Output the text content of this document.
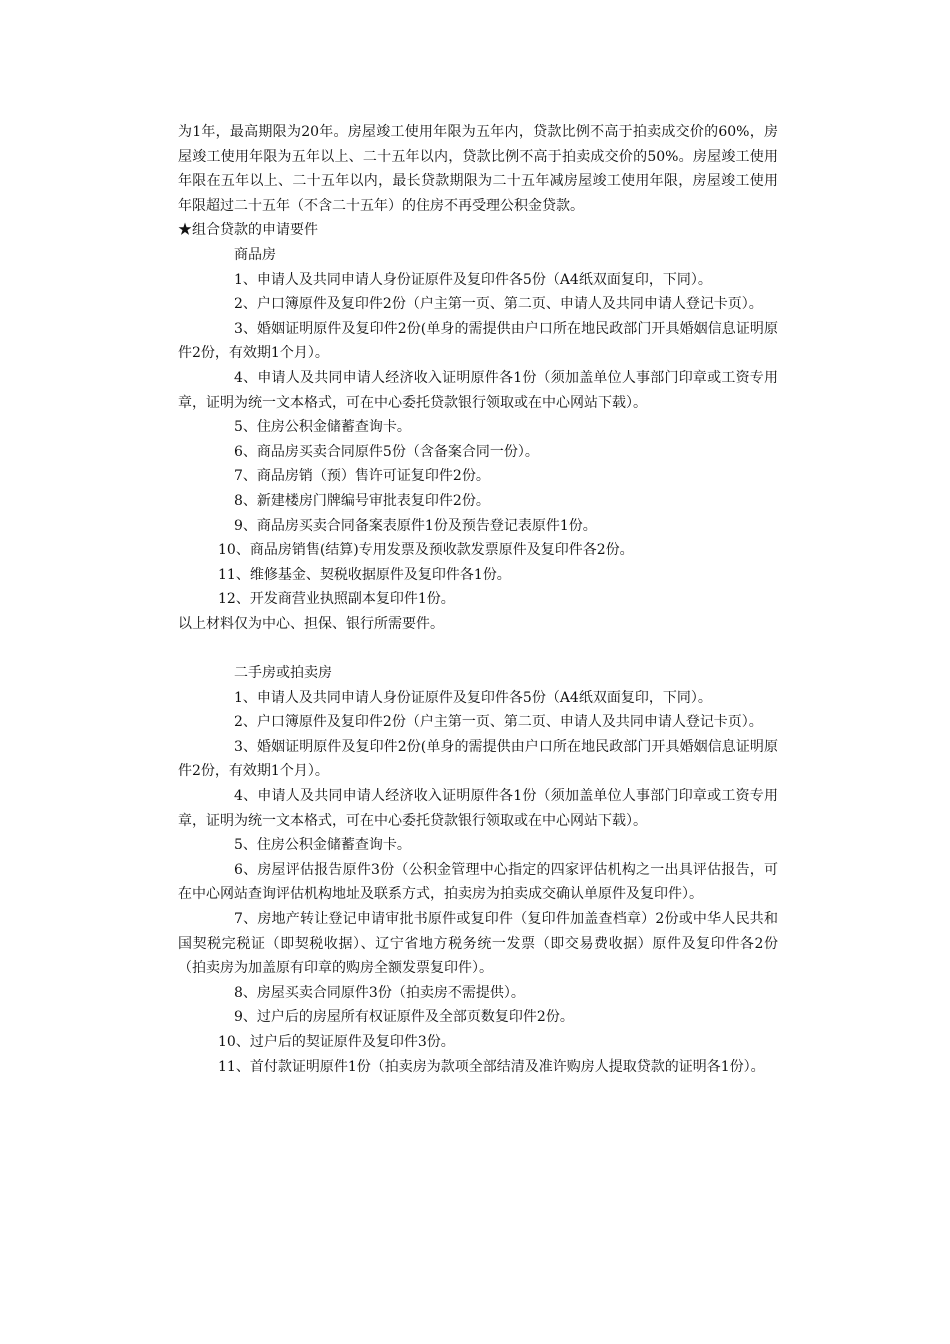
为1年，最高期限为20年。房屋竣工使用年限为五年内，贷款比例不高于拍卖成交价的60%，房屋竣工使用年限为五年以上、二十五年以内，贷款比例不高于拍卖成交价的50%。房屋竣工使用年限在五年以上、二十五年以内，最长贷款期限为二十五年减房屋竣工使用年限，房屋竣工使用年限超过二十五年（不含二十五年）的住房不再受理公积金贷款。

★组合贷款的申请要件

商品房

1、申请人及共同申请人身份证原件及复印件各5份（A4纸双面复印，下同）。

2、户口簿原件及复印件2份（户主第一页、第二页、申请人及共同申请人登记卡页）。

3、婚姻证明原件及复印件2份(单身的需提供由户口所在地民政部门开具婚姻信息证明原件2份，有效期1个月）。

4、申请人及共同申请人经济收入证明原件各1份（须加盖单位人事部门印章或工资专用章，证明为统一文本格式，可在中心委托贷款银行领取或在中心网站下载）。

5、住房公积金储蓄查询卡。

6、商品房买卖合同原件5份（含备案合同一份）。

7、商品房销（预）售许可证复印件2份。

8、新建楼房门牌编号审批表复印件2份。

9、商品房买卖合同备案表原件1份及预告登记表原件1份。

10、商品房销售(结算)专用发票及预收款发票原件及复印件各2份。

11、维修基金、契税收据原件及复印件各1份。

12、开发商营业执照副本复印件1份。

以上材料仅为中心、担保、银行所需要件。

二手房或拍卖房

1、申请人及共同申请人身份证原件及复印件各5份（A4纸双面复印，下同）。

2、户口簿原件及复印件2份（户主第一页、第二页、申请人及共同申请人登记卡页）。

3、婚姻证明原件及复印件2份(单身的需提供由户口所在地民政部门开具婚姻信息证明原件2份，有效期1个月）。

4、申请人及共同申请人经济收入证明原件各1份（须加盖单位人事部门印章或工资专用章，证明为统一文本格式，可在中心委托贷款银行领取或在中心网站下载）。

5、住房公积金储蓄查询卡。

6、房屋评估报告原件3份（公积金管理中心指定的四家评估机构之一出具评估报告，可在中心网站查询评估机构地址及联系方式，拍卖房为拍卖成交确认单原件及复印件）。

7、房地产转让登记申请审批书原件或复印件（复印件加盖查档章）2份或中华人民共和国契税完税证（即契税收据）、辽宁省地方税务统一发票（即交易费收据）原件及复印件各2份（拍卖房为加盖原有印章的购房全额发票复印件）。

8、房屋买卖合同原件3份（拍卖房不需提供）。

9、过户后的房屋所有权证原件及全部页数复印件2份。

10、过户后的契证原件及复印件3份。

11、首付款证明原件1份（拍卖房为款项全部结清及准许购房人提取贷款的证明各1份）。
